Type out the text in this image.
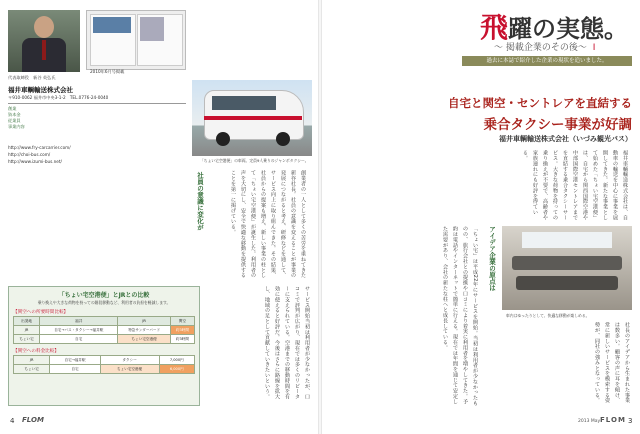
2010年6月号掲載
代表取締役　新谷 英弘氏
福井車輌輸送株式会社
〒910-0062 福井市中央3-1-2　TEL.0776-24-0040
創業
資本金
従業員
事業内容
http://www.fry-carcarrier.com/
http://choi-bus.com/
http://www.izumi-bus.net/	「ちょい宅空港便」の車両。定員9人乗りのジャンボタクシー。

創業者の一人として多くの苦労を重ねてきた新谷社長。社員の意識を変えることが事業の発展につながると考え、研修などを通して、サービス向上に取り組んできた。その結果、社員からの提案も増え、新しい事業の柱として「ちょい宅空港便」が誕生した。利用者の声を大切にし、安全で快適な移動を提供することを第一に掲げている。

社員の意識に変化が
「ちょい宅空港便」とJRとの比較
乗り換えや大きな荷物を持っての階段移動など、利用者の負担を軽減します。
【関空への所要時間比較】
出発地	福井	JR	関空
JR	自宅→バス・タクシー→福井駅	特急サンダーバード	約3時間
ちょい宅	自宅	ちょい宅空港便	約3時間
【関空への料金比較】
JR	自宅→福井駅	タクシー	7,000円
ちょい宅	自宅	ちょい宅空港便	6,000円	サービス開始当初は利用者が少なかったが、口コミで評判が広がり、現在では多くのリピーターに支えられている。空港までの移動時間を有効に使えると好評だ。今後はさらに路線を拡大し、地域の足として貢献していきたいという。

4 FLOM
飛躍の実態。
〜 掲載企業のその後〜 I
過去に本誌で紹介した企業の現状を追いました。
自宅と関空・セントレアを直結する
乗合タクシー事業が好調
福井車輌輸送株式会社（いづみ観光バス）

福井車輌輸送株式会社は、自動車の輸送を中心に事業を展開してきた。新たな事業として始めた「ちょい宅空港便」は、自宅から関西国際空港や中部国際空港セントレアまでを直結する乗合タクシーサービス。大きな荷物を持っての乗り換えが不要で、高齢者や家族連れにも好評を得ている。

「ちょい宅」は平成22年にサービスを開始。当初は利用者が少なかったものの、旅行会社との提携や口コミにより着実に利用者を増やしてきた。予約は電話やインターネットで簡単に行える。現在では年間を通じて安定した需要があり、会社の新たな柱へと成長している。	アイデア企業の原点は
車内はゆったりとして、快適な移動が楽しめる。

社長のアイデアから生まれた事業は数多い。顧客の声に耳を傾け、常に新しいサービスを模索する姿勢が、同社の強みとなっている。

2013 May FLOM 3
